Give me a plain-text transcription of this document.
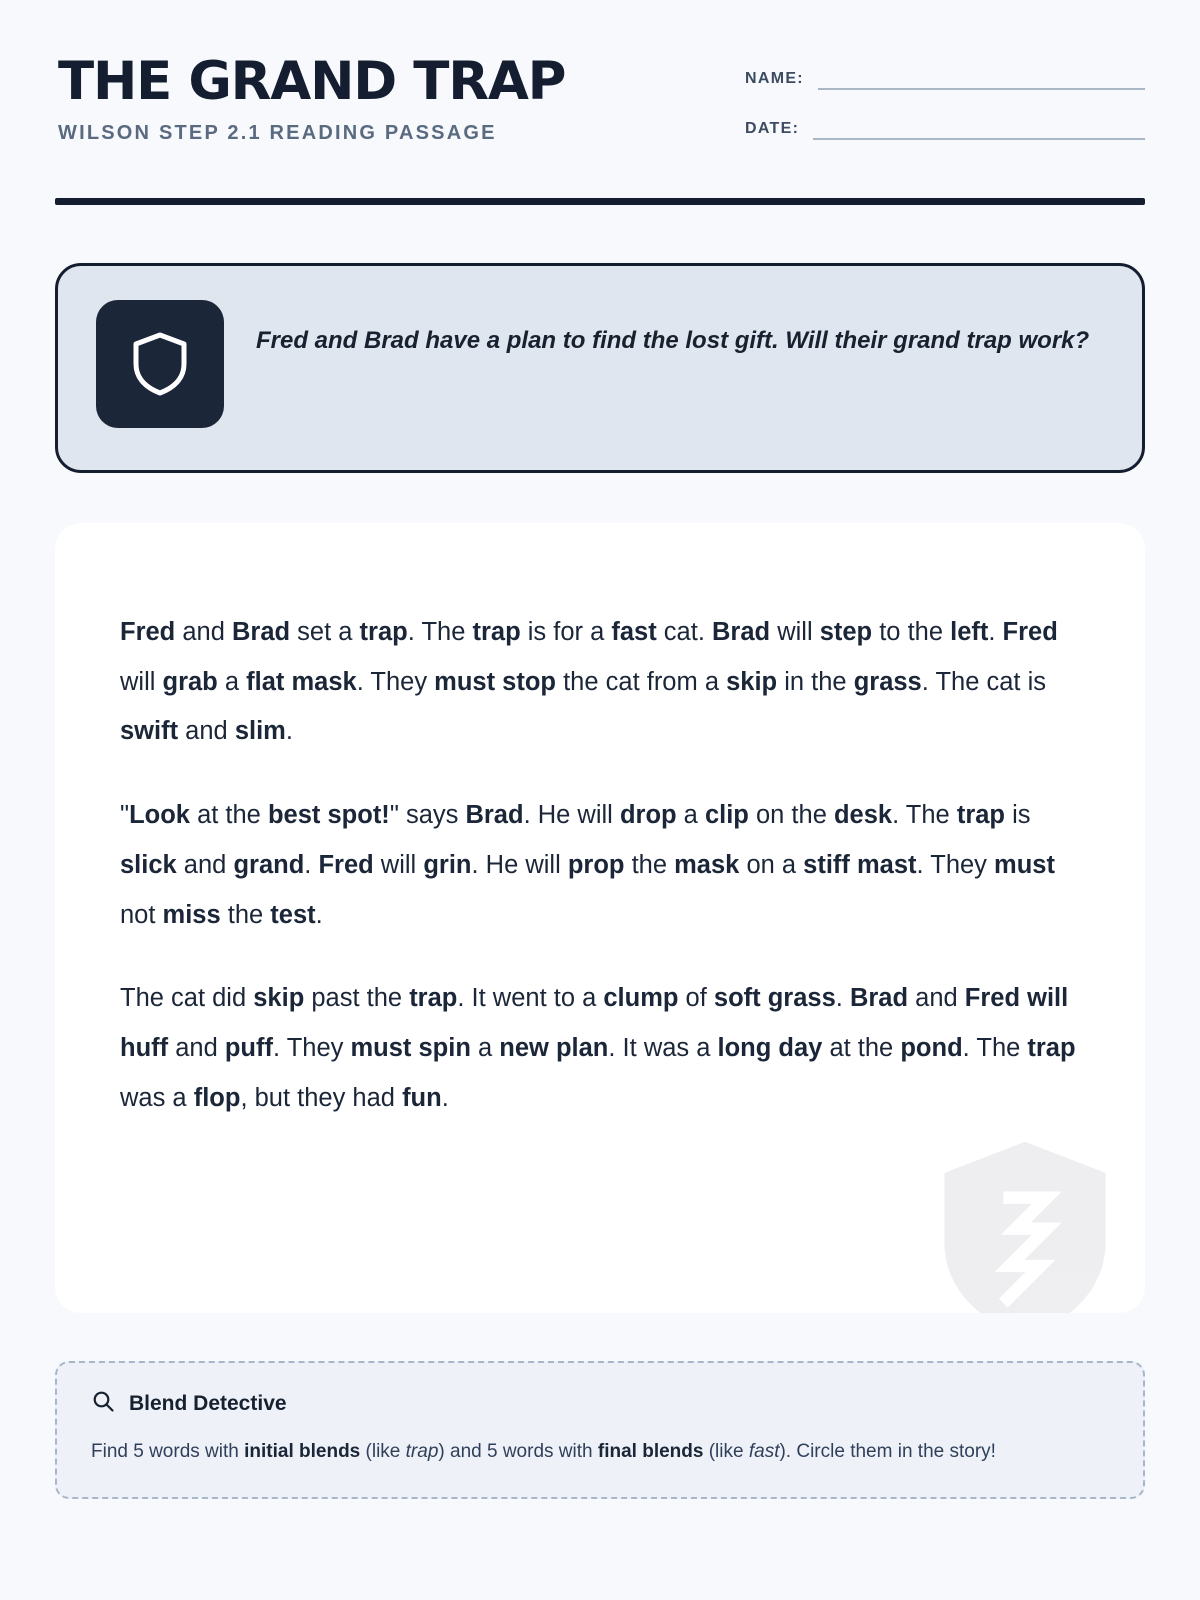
THE GRAND TRAP
WILSON STEP 2.1 READING PASSAGE
NAME:
DATE:
Fred and Brad have a plan to find the lost gift. Will their grand trap work?
Fred and Brad set a trap. The trap is for a fast cat. Brad will step to the left. Fred will grab a flat mask. They must stop the cat from a skip in the grass. The cat is swift and slim.
"Look at the best spot!" says Brad. He will drop a clip on the desk. The trap is slick and grand. Fred will grin. He will prop the mask on a stiff mast. They must not miss the test.
The cat did skip past the trap. It went to a clump of soft grass. Brad and Fred will huff and puff. They must spin a new plan. It was a long day at the pond. The trap was a flop, but they had fun.
Blend Detective
Find 5 words with initial blends (like trap) and 5 words with final blends (like fast). Circle them in the story!
